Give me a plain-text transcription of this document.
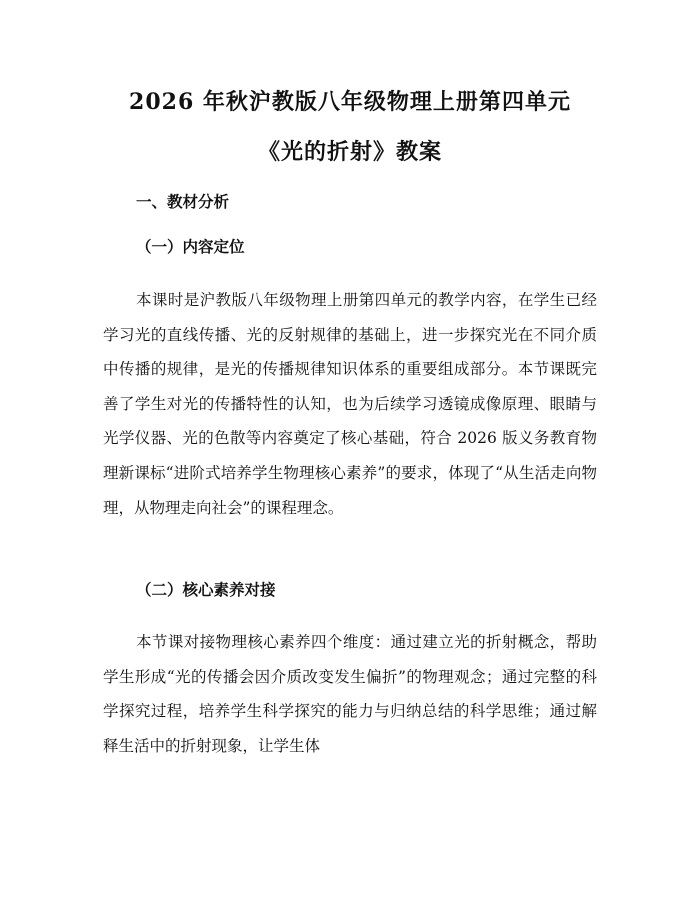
2026 年秋沪教版八年级物理上册第四单元
《光的折射》教案
一、教材分析
（一）内容定位

本课时是沪教版八年级物理上册第四单元的教学内容，在学生已经学习光的直线传播、光的反射规律的基础上，进一步探究光在不同介质中传播的规律，是光的传播规律知识体系的重要组成部分。本节课既完善了学生对光的传播特性的认知，也为后续学习透镜成像原理、眼睛与光学仪器、光的色散等内容奠定了核心基础，符合 2026 版义务教育物理新课标“进阶式培养学生物理核心素养”的要求，体现了“从生活走向物理，从物理走向社会”的课程理念。

（二）核心素养对接

本节课对接物理核心素养四个维度：通过建立光的折射概念，帮助学生形成“光的传播会因介质改变发生偏折”的物理观念；通过完整的科学探究过程，培养学生科学探究的能力与归纳总结的科学思维；通过解释生活中的折射现象，让学生体
